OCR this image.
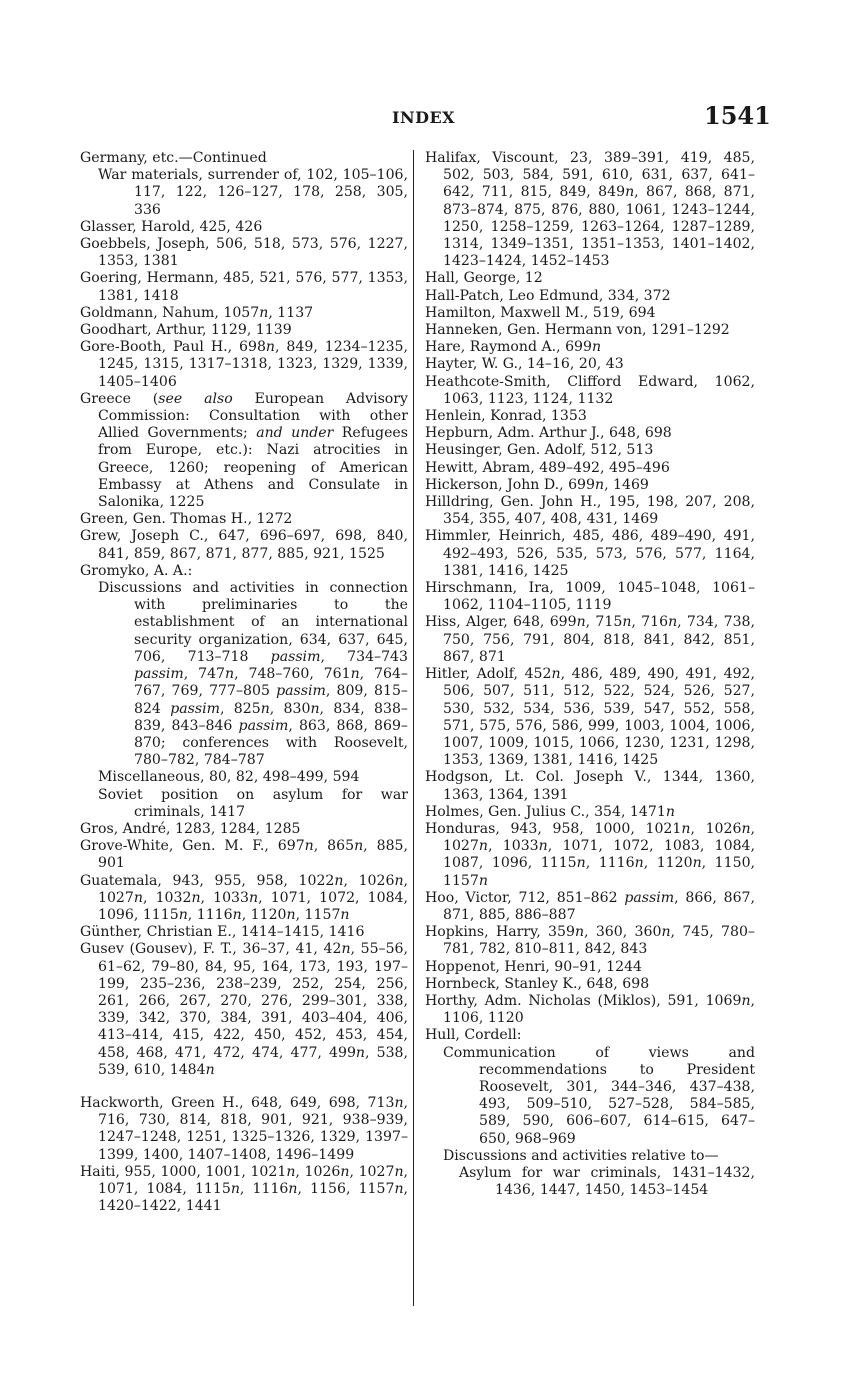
INDEX	1541

Germany, etc.—Continued

War materials, surrender of, 102, 105–106, 117, 122, 126–127, 178, 258, 305, 336

Glasser, Harold, 425, 426

Goebbels, Joseph, 506, 518, 573, 576, 1227, 1353, 1381

Goering, Hermann, 485, 521, 576, 577, 1353, 1381, 1418

Goldmann, Nahum, 1057n, 1137

Goodhart, Arthur, 1129, 1139

Gore-Booth, Paul H., 698n, 849, 1234–1235, 1245, 1315, 1317–1318, 1323, 1329, 1339, 1405–1406

Greece (see also European Advisory Commission: Consultation with other Allied Governments; and under Refugees from Europe, etc.): Nazi atrocities in Greece, 1260; reopening of American Embassy at Athens and Consulate in Salonika, 1225

Green, Gen. Thomas H., 1272

Grew, Joseph C., 647, 696–697, 698, 840, 841, 859, 867, 871, 877, 885, 921, 1525

Gromyko, A. A.:

Discussions and activities in connection with preliminaries to the establishment of an international security organization, 634, 637, 645, 706, 713–718 passim, 734–743 passim, 747n, 748–760, 761n, 764–767, 769, 777–805 passim, 809, 815–824 passim, 825n, 830n, 834, 838–839, 843–846 passim, 863, 868, 869–870; conferences with Roosevelt, 780–782, 784–787

Miscellaneous, 80, 82, 498–499, 594

Soviet position on asylum for war criminals, 1417

Gros, André, 1283, 1284, 1285

Grove-White, Gen. M. F., 697n, 865n, 885, 901

Guatemala, 943, 955, 958, 1022n, 1026n, 1027n, 1032n, 1033n, 1071, 1072, 1084, 1096, 1115n, 1116n, 1120n, 1157n

Günther, Christian E., 1414–1415, 1416

Gusev (Gousev), F. T., 36–37, 41, 42n, 55–56, 61–62, 79–80, 84, 95, 164, 173, 193, 197–199, 235–236, 238–239, 252, 254, 256, 261, 266, 267, 270, 276, 299–301, 338, 339, 342, 370, 384, 391, 403–404, 406, 413–414, 415, 422, 450, 452, 453, 454, 458, 468, 471, 472, 474, 477, 499n, 538, 539, 610, 1484n

Hackworth, Green H., 648, 649, 698, 713n, 716, 730, 814, 818, 901, 921, 938–939, 1247–1248, 1251, 1325–1326, 1329, 1397–1399, 1400, 1407–1408, 1496–1499

Haiti, 955, 1000, 1001, 1021n, 1026n, 1027n, 1071, 1084, 1115n, 1116n, 1156, 1157n, 1420–1422, 1441

Halifax, Viscount, 23, 389–391, 419, 485, 502, 503, 584, 591, 610, 631, 637, 641–642, 711, 815, 849, 849n, 867, 868, 871, 873–874, 875, 876, 880, 1061, 1243–1244, 1250, 1258–1259, 1263–1264, 1287–1289, 1314, 1349–1351, 1351–1353, 1401–1402, 1423–1424, 1452–1453

Hall, George, 12

Hall-Patch, Leo Edmund, 334, 372

Hamilton, Maxwell M., 519, 694

Hanneken, Gen. Hermann von, 1291–1292

Hare, Raymond A., 699n

Hayter, W. G., 14–16, 20, 43

Heathcote-Smith, Clifford Edward, 1062, 1063, 1123, 1124, 1132

Henlein, Konrad, 1353

Hepburn, Adm. Arthur J., 648, 698

Heusinger, Gen. Adolf, 512, 513

Hewitt, Abram, 489–492, 495–496

Hickerson, John D., 699n, 1469

Hilldring, Gen. John H., 195, 198, 207, 208, 354, 355, 407, 408, 431, 1469

Himmler, Heinrich, 485, 486, 489–490, 491, 492–493, 526, 535, 573, 576, 577, 1164, 1381, 1416, 1425

Hirschmann, Ira, 1009, 1045–1048, 1061–1062, 1104–1105, 1119

Hiss, Alger, 648, 699n, 715n, 716n, 734, 738, 750, 756, 791, 804, 818, 841, 842, 851, 867, 871

Hitler, Adolf, 452n, 486, 489, 490, 491, 492, 506, 507, 511, 512, 522, 524, 526, 527, 530, 532, 534, 536, 539, 547, 552, 558, 571, 575, 576, 586, 999, 1003, 1004, 1006, 1007, 1009, 1015, 1066, 1230, 1231, 1298, 1353, 1369, 1381, 1416, 1425

Hodgson, Lt. Col. Joseph V., 1344, 1360, 1363, 1364, 1391

Holmes, Gen. Julius C., 354, 1471n

Honduras, 943, 958, 1000, 1021n, 1026n, 1027n, 1033n, 1071, 1072, 1083, 1084, 1087, 1096, 1115n, 1116n, 1120n, 1150, 1157n

Hoo, Victor, 712, 851–862 passim, 866, 867, 871, 885, 886–887

Hopkins, Harry, 359n, 360, 360n, 745, 780–781, 782, 810–811, 842, 843

Hoppenot, Henri, 90–91, 1244

Hornbeck, Stanley K., 648, 698

Horthy, Adm. Nicholas (Miklos), 591, 1069n, 1106, 1120

Hull, Cordell:

Communication of views and recommendations to President Roosevelt, 301, 344–346, 437–438, 493, 509–510, 527–528, 584–585, 589, 590, 606–607, 614–615, 647–650, 968–969

Discussions and activities relative to—

Asylum for war criminals, 1431–1432, 1436, 1447, 1450, 1453–1454
